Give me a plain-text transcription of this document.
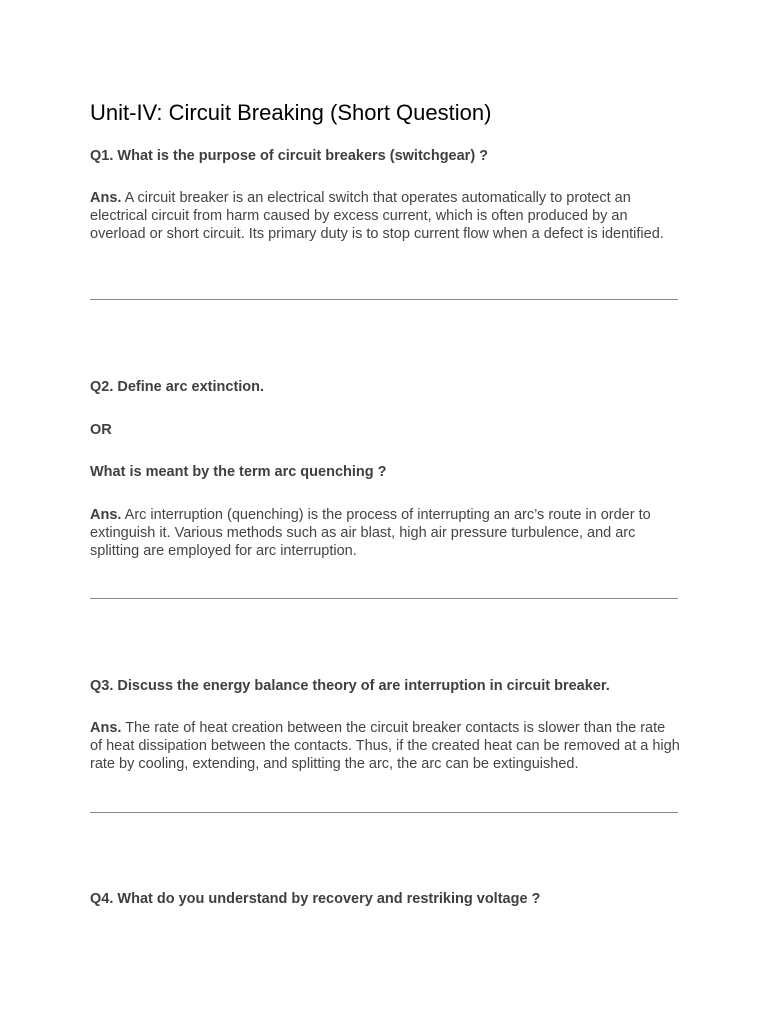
Unit-IV: Circuit Breaking (Short Question)

Q1. What is the purpose of circuit breakers (switchgear) ?

Ans. A circuit breaker is an electrical switch that operates automatically to protect an electrical circuit from harm caused by excess current, which is often produced by an overload or short circuit. Its primary duty is to stop current flow when a defect is identified.

Q2. Define arc extinction.

OR

What is meant by the term arc quenching ?

Ans. Arc interruption (quenching) is the process of interrupting an arc’s route in order to extinguish it. Various methods such as air blast, high air pressure turbulence, and arc splitting are employed for arc interruption.

Q3. Discuss the energy balance theory of are interruption in circuit breaker.

Ans. The rate of heat creation between the circuit breaker contacts is slower than the rate of heat dissipation between the contacts. Thus, if the created heat can be removed at a high rate by cooling, extending, and splitting the arc, the arc can be extinguished.

Q4. What do you understand by recovery and restriking voltage ?
